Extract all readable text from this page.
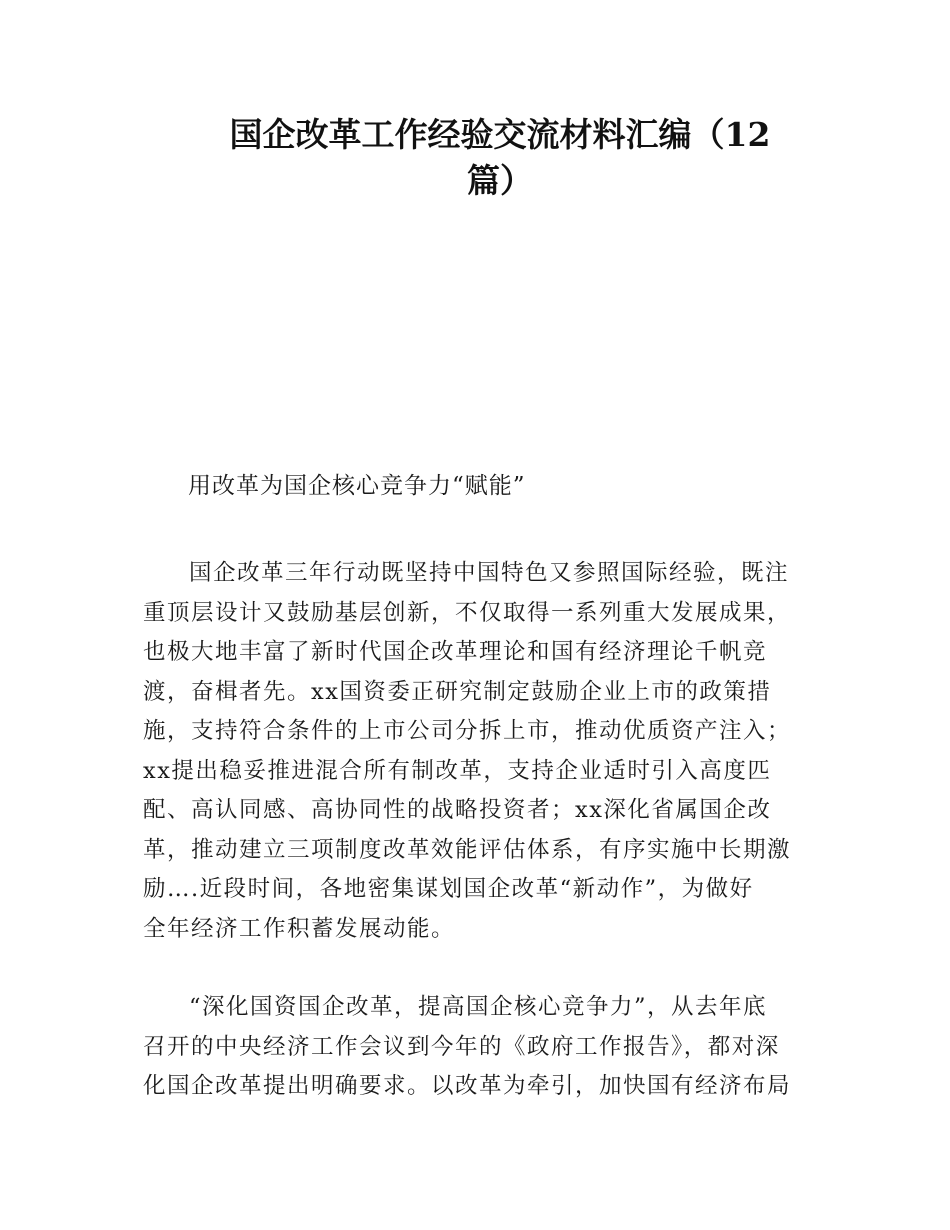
国企改革工作经验交流材料汇编（12
篇）

用改革为国企核心竞争力“赋能”

国企改革三年行动既坚持中国特色又参照国际经验，既注
重顶层设计又鼓励基层创新，不仅取得一系列重大发展成果，
也极大地丰富了新时代国企改革理论和国有经济理论千帆竞
渡，奋楫者先。xx国资委正研究制定鼓励企业上市的政策措
施，支持符合条件的上市公司分拆上市，推动优质资产注入；
xx提出稳妥推进混合所有制改革，支持企业适时引入高度匹
配、高认同感、高协同性的战略投资者；xx深化省属国企改
革，推动建立三项制度改革效能评估体系，有序实施中长期激
励….近段时间，各地密集谋划国企改革“新动作”，为做好
全年经济工作积蓄发展动能。
“深化国资国企改革，提高国企核心竞争力”，从去年底
召开的中央经济工作会议到今年的《政府工作报告》，都对深
化国企改革提出明确要求。以改革为牵引，加快国有经济布局
